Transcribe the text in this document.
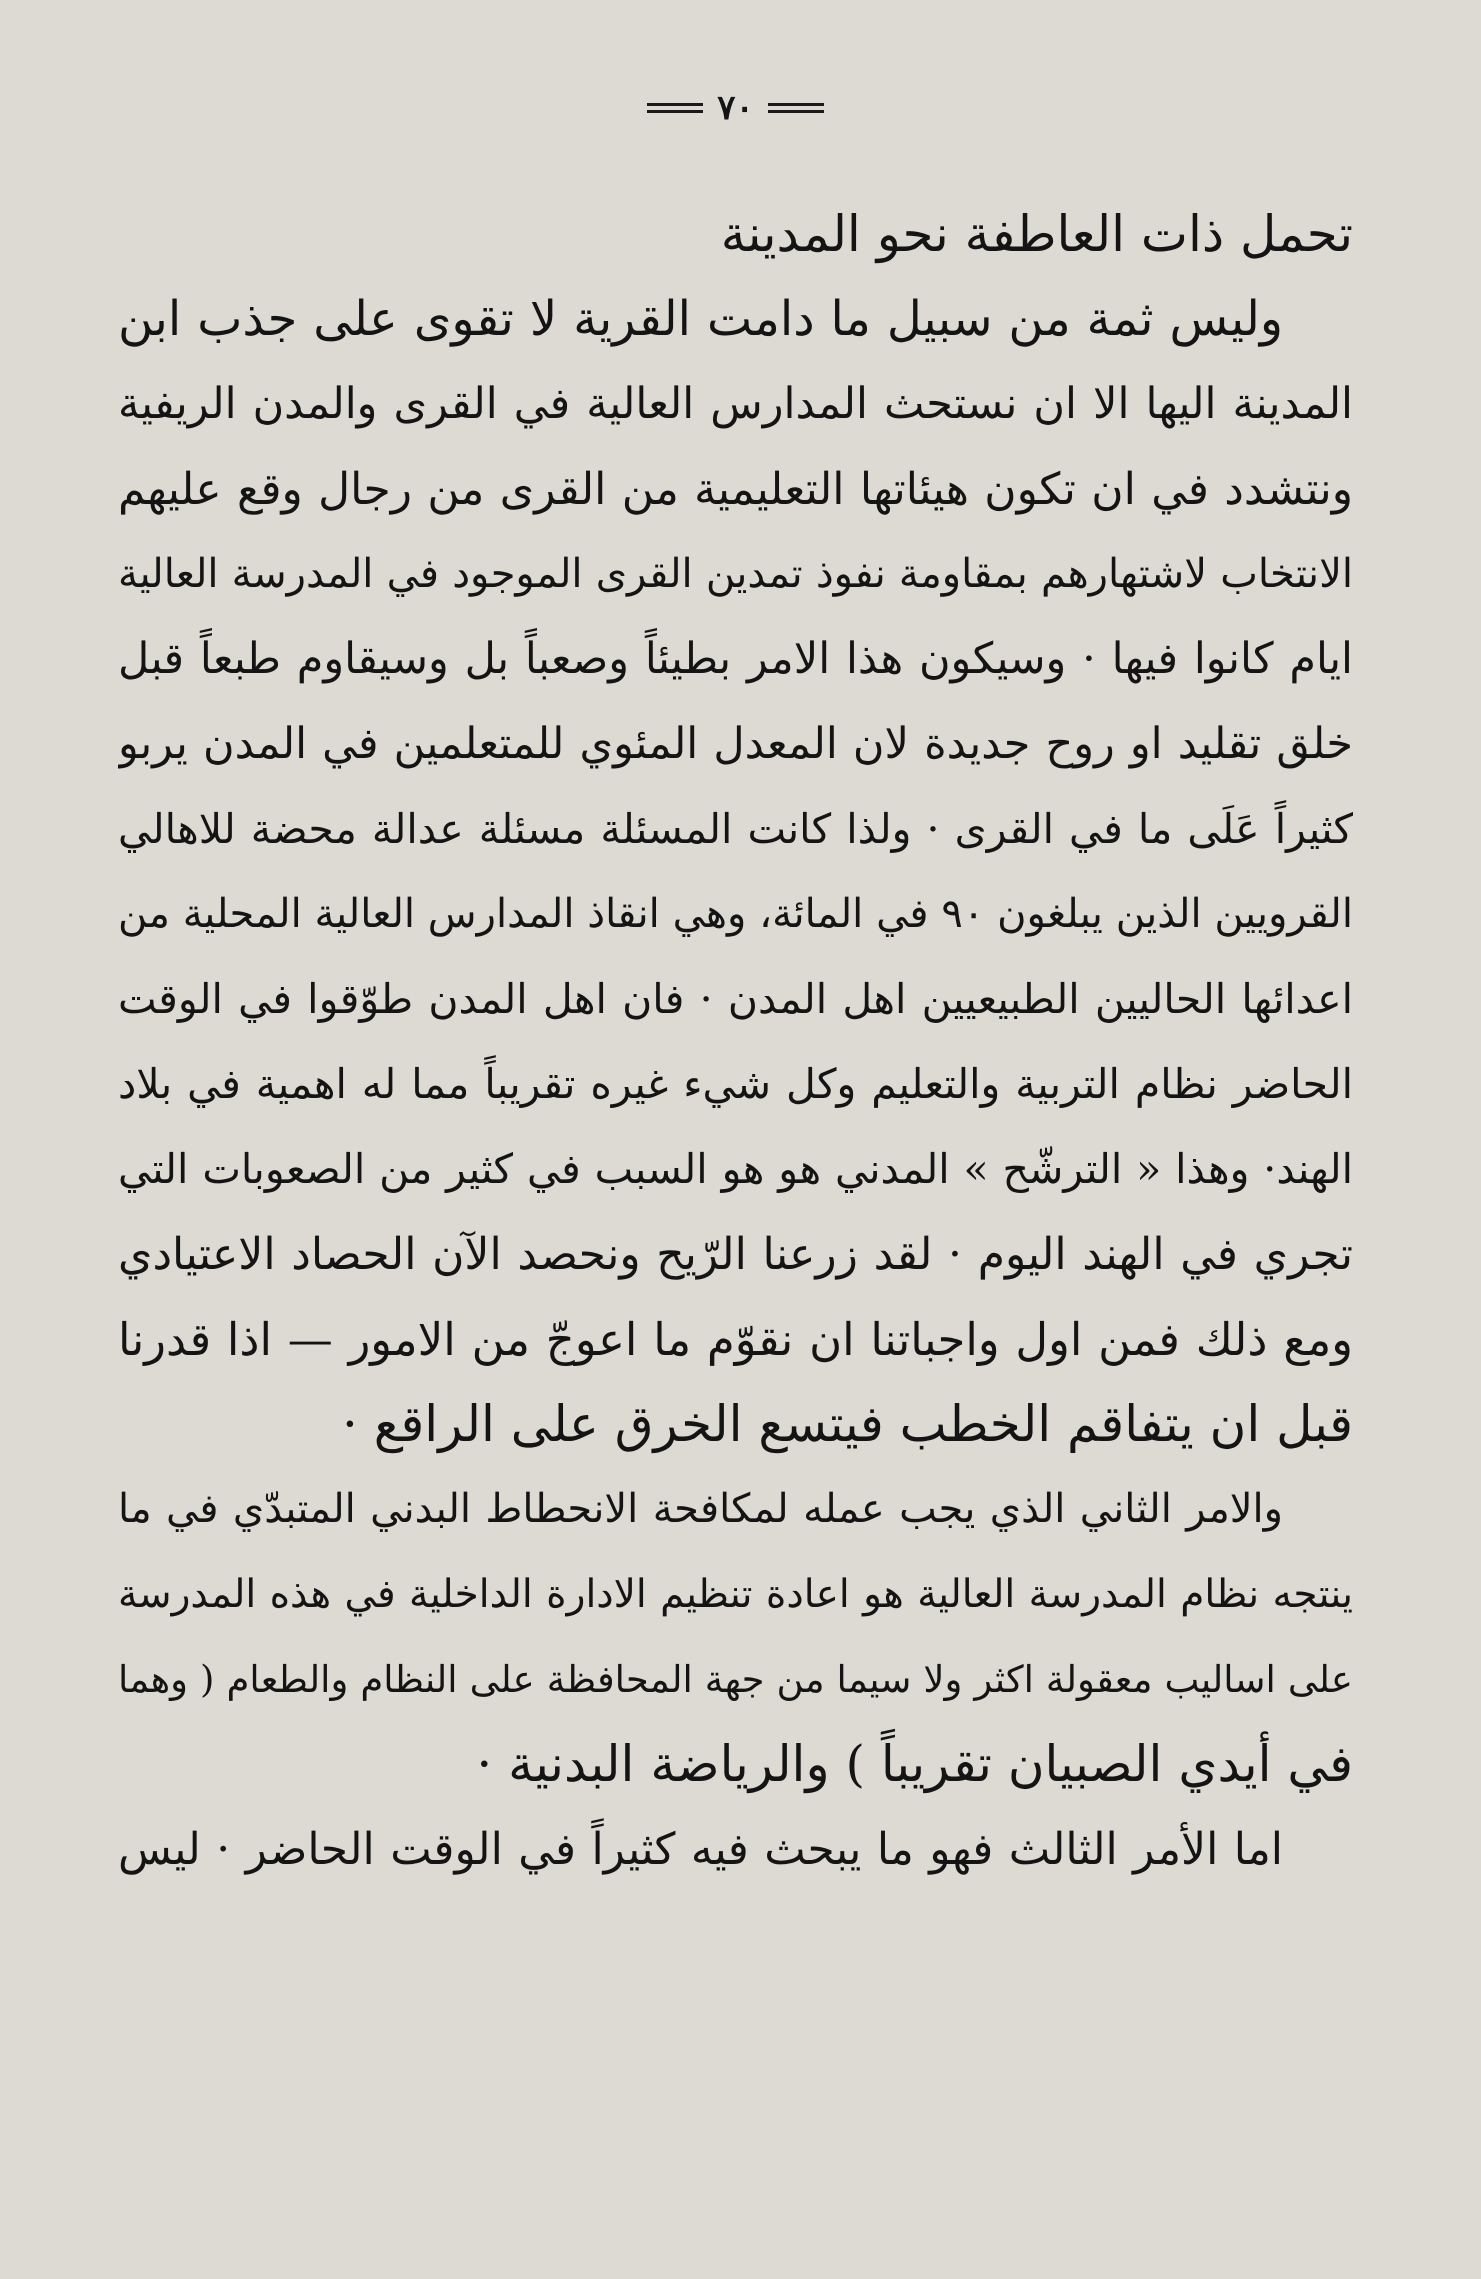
٧٠
تحمل ذات العاطفة نحو المدينة
وليس ثمة من سبيل ما دامت القرية لا تقوى على جذب ابن
المدينة اليها الا ان نستحث المدارس العالية في القرى والمدن الريفية
ونتشدد في ان تكون هيئاتها التعليمية من القرى من رجال وقع عليهم
الانتخاب لاشتهارهم بمقاومة نفوذ تمدين القرى الموجود في المدرسة العالية
ايام كانوا فيها · وسيكون هذا الامر بطيئاً وصعباً بل وسيقاوم طبعاً قبل
خلق تقليد او روح جديدة لان المعدل المئوي للمتعلمين في المدن يربو
كثيراً عَلَى ما في القرى · ولذا كانت المسئلة مسئلة عدالة محضة للاهالي
القرويين الذين يبلغون ٩٠ في المائة، وهي انقاذ المدارس العالية المحلية من
اعدائها الحاليين الطبيعيين اهل المدن · فان اهل المدن طوّقوا في الوقت
الحاضر نظام التربية والتعليم وكل شيء غيره تقريباً مما له اهمية في بلاد
الهند· وهذا « الترشّح » المدني هو هو السبب في كثير من الصعوبات التي
تجري في الهند اليوم · لقد زرعنا الرّيح ونحصد الآن الحصاد الاعتيادي
ومع ذلك فمن اول واجباتنا ان نقوّم ما اعوجّ من الامور — اذا قدرنا
قبل ان يتفاقم الخطب فيتسع الخرق على الراقع ·
والامر الثاني الذي يجب عمله لمكافحة الانحطاط البدني المتبدّي في ما
ينتجه نظام المدرسة العالية هو اعادة تنظيم الادارة الداخلية في هذه المدرسة
على اساليب معقولة اكثر ولا سيما من جهة المحافظة على النظام والطعام ( وهما
في أيدي الصبيان تقريباً ) والرياضة البدنية ·
اما الأمر الثالث فهو ما يبحث فيه كثيراً في الوقت الحاضر · ليس
